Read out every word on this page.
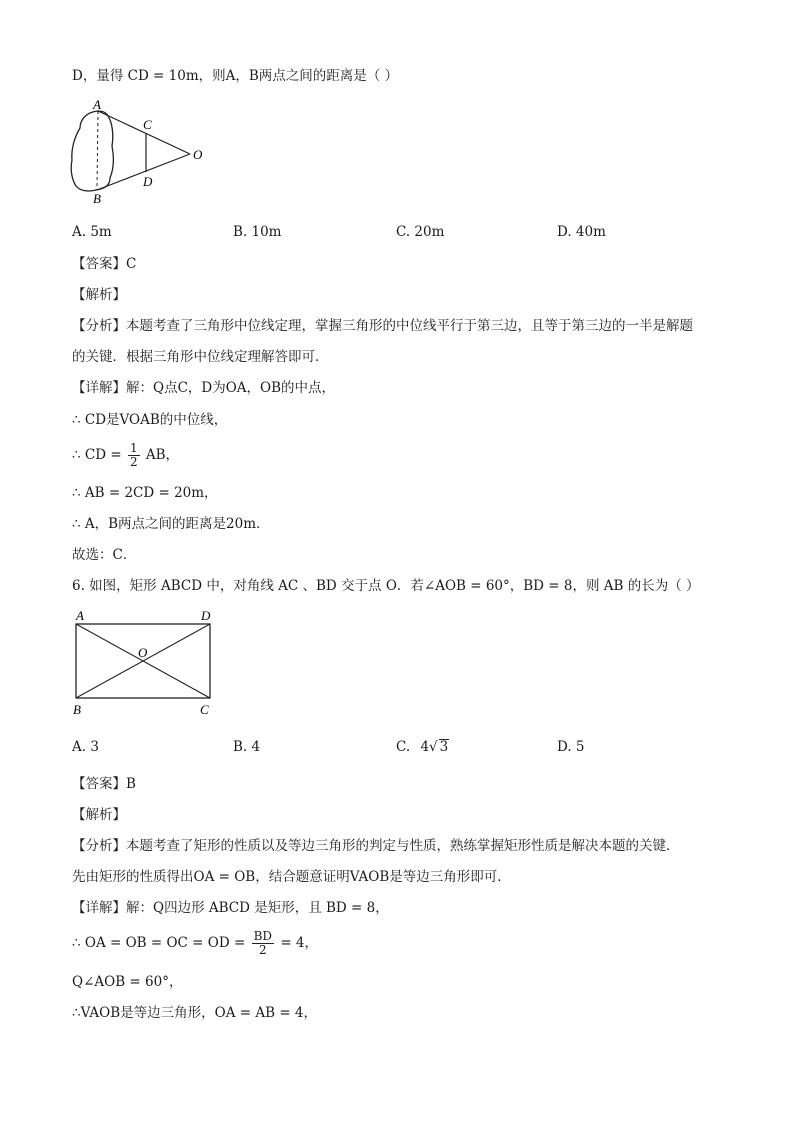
D，量得 CD = 10m，则A，B两点之间的距离是（ ）
A
B
C
D
O
A. 5m	B. 10m	C. 20m	D. 40m
【答案】C
【解析】
【分析】本题考查了三角形中位线定理，掌握三角形的中位线平行于第三边，且等于第三边的一半是解题
的关键．根据三角形中位线定理解答即可．
【详解】解：Q点C，D为OA，OB的中点，
∴ CD是VOAB的中位线，
∴ CD = $\frac{1}{2}$ AB，
∴ AB = 2CD = 20m，
∴ A，B两点之间的距离是20m．
故选：C．
6. 如图，矩形 ABCD 中，对角线 AC 、BD 交于点 O．若∠AOB = 60°，BD = 8，则 AB 的长为（ ）
A	D
O
B	C
A. 3	B. 4	C. 4√ 3	D. 5
【答案】B
【解析】
【分析】本题考查了矩形的性质以及等边三角形的判定与性质，熟练掌握矩形性质是解决本题的关键．
先由矩形的性质得出OA = OB，结合题意证明VAOB是等边三角形即可．
【详解】解：Q四边形 ABCD 是矩形，且 BD = 8，
∴ OA = OB = OC = OD = $\frac{BD}{2} = 4$，
Q∠AOB = 60°，
∴VAOB是等边三角形，OA = AB = 4，
